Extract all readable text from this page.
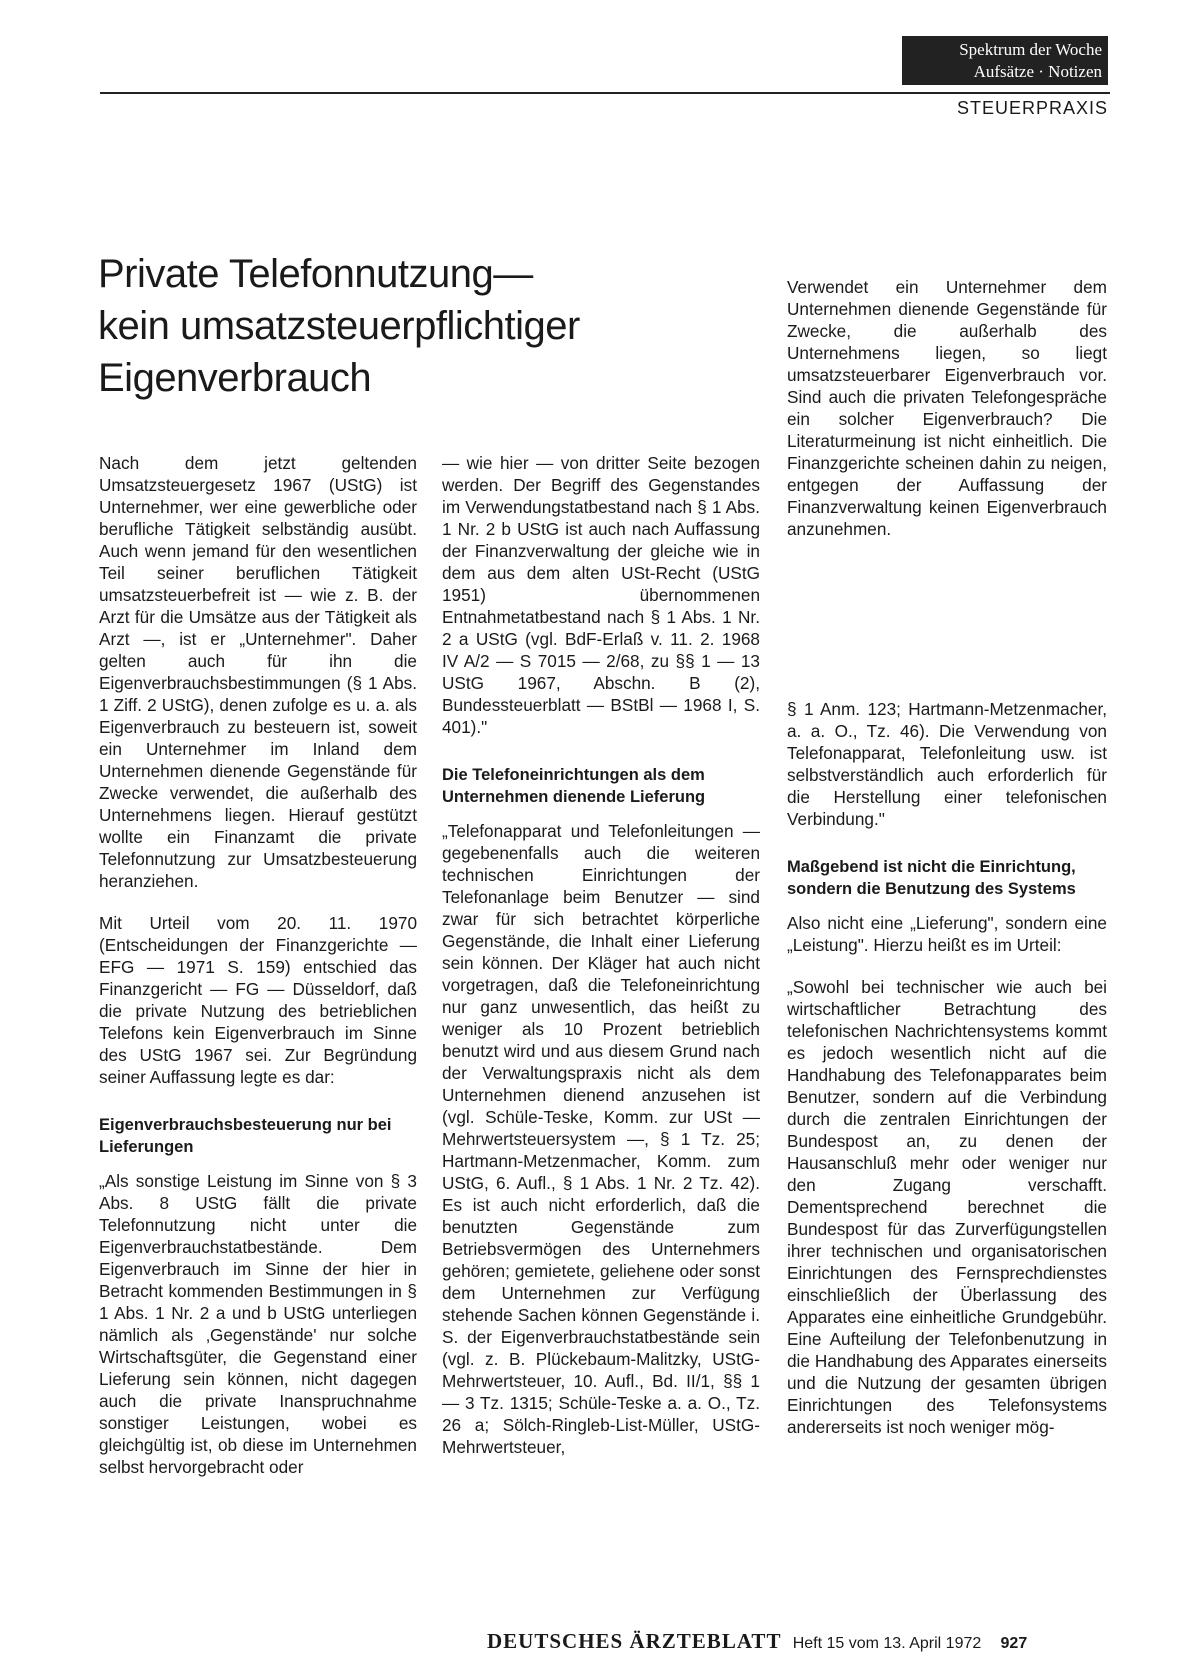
Spektrum der Woche
Aufsätze · Notizen
STEUERPRAXIS
Private Telefonnutzung—
kein umsatzsteuerpflichtiger
Eigenverbrauch

Nach dem jetzt geltenden Umsatzsteuergesetz 1967 (UStG) ist Unternehmer, wer eine gewerbliche oder berufliche Tätigkeit selbständig ausübt. Auch wenn jemand für den wesentlichen Teil seiner beruflichen Tätigkeit umsatzsteuerbefreit ist — wie z. B. der Arzt für die Umsätze aus der Tätigkeit als Arzt —, ist er „Unternehmer". Daher gelten auch für ihn die Eigenverbrauchsbestimmungen (§ 1 Abs. 1 Ziff. 2 UStG), denen zufolge es u. a. als Eigenverbrauch zu besteuern ist, soweit ein Unternehmer im Inland dem Unternehmen dienende Gegenstände für Zwecke verwendet, die außerhalb des Unternehmens liegen. Hierauf gestützt wollte ein Finanzamt die private Telefonnutzung zur Umsatzbesteuerung heranziehen.

Mit Urteil vom 20. 11. 1970 (Entscheidungen der Finanzgerichte — EFG — 1971 S. 159) entschied das Finanzgericht — FG — Düsseldorf, daß die private Nutzung des betrieblichen Telefons kein Eigenverbrauch im Sinne des UStG 1967 sei. Zur Begründung seiner Auffassung legte es dar:

Eigenverbrauchsbesteuerung nur bei Lieferungen

„Als sonstige Leistung im Sinne von § 3 Abs. 8 UStG fällt die private Telefonnutzung nicht unter die Eigenverbrauchstatbestände. Dem Eigenverbrauch im Sinne der hier in Betracht kommenden Bestimmungen in § 1 Abs. 1 Nr. 2 a und b UStG unterliegen nämlich als ‚Gegenstände' nur solche Wirtschaftsgüter, die Gegenstand einer Lieferung sein können, nicht dagegen auch die private Inanspruchnahme sonstiger Leistungen, wobei es gleichgültig ist, ob diese im Unternehmen selbst hervorgebracht oder

— wie hier — von dritter Seite bezogen werden. Der Begriff des Gegenstandes im Verwendungstatbestand nach § 1 Abs. 1 Nr. 2 b UStG ist auch nach Auffassung der Finanzverwaltung der gleiche wie in dem aus dem alten USt-Recht (UStG 1951) übernommenen Entnahmetatbestand nach § 1 Abs. 1 Nr. 2 a UStG (vgl. BdF-Erlaß v. 11. 2. 1968 IV A/2 — S 7015 — 2/68, zu §§ 1 — 13 UStG 1967, Abschn. B (2), Bundessteuerblatt — BStBl — 1968 I, S. 401)."

Die Telefoneinrichtungen als dem Unternehmen dienende Lieferung

„Telefonapparat und Telefonleitungen — gegebenenfalls auch die weiteren technischen Einrichtungen der Telefonanlage beim Benutzer — sind zwar für sich betrachtet körperliche Gegenstände, die Inhalt einer Lieferung sein können. Der Kläger hat auch nicht vorgetragen, daß die Telefoneinrichtung nur ganz unwesentlich, das heißt zu weniger als 10 Prozent betrieblich benutzt wird und aus diesem Grund nach der Verwaltungspraxis nicht als dem Unternehmen dienend anzusehen ist (vgl. Schüle-Teske, Komm. zur USt — Mehrwertsteuersystem —, § 1 Tz. 25; Hartmann-Metzenmacher, Komm. zum UStG, 6. Aufl., § 1 Abs. 1 Nr. 2 Tz. 42). Es ist auch nicht erforderlich, daß die benutzten Gegenstände zum Betriebsvermögen des Unternehmers gehören; gemietete, geliehene oder sonst dem Unternehmen zur Verfügung stehende Sachen können Gegenstände i. S. der Eigenverbrauchstatbestände sein (vgl. z. B. Plückebaum-Malitzky, UStG-Mehrwertsteuer, 10. Aufl., Bd. II/1, §§ 1 — 3 Tz. 1315; Schüle-Teske a. a. O., Tz. 26 a; Sölch-Ringleb-List-Müller, UStG-Mehrwertsteuer,

Verwendet ein Unternehmer dem Unternehmen dienende Gegenstände für Zwecke, die außerhalb des Unternehmens liegen, so liegt umsatzsteuerbarer Eigenverbrauch vor. Sind auch die privaten Telefongespräche ein solcher Eigenverbrauch? Die Literaturmeinung ist nicht einheitlich. Die Finanzgerichte scheinen dahin zu neigen, entgegen der Auffassung der Finanzverwaltung keinen Eigenverbrauch anzunehmen.

§ 1 Anm. 123; Hartmann-Metzenmacher, a. a. O., Tz. 46). Die Verwendung von Telefonapparat, Telefonleitung usw. ist selbstverständlich auch erforderlich für die Herstellung einer telefonischen Verbindung."

Maßgebend ist nicht die Einrichtung, sondern die Benutzung des Systems

Also nicht eine „Lieferung", sondern eine „Leistung". Hierzu heißt es im Urteil:

„Sowohl bei technischer wie auch bei wirtschaftlicher Betrachtung des telefonischen Nachrichtensystems kommt es jedoch wesentlich nicht auf die Handhabung des Telefonapparates beim Benutzer, sondern auf die Verbindung durch die zentralen Einrichtungen der Bundespost an, zu denen der Hausanschluß mehr oder weniger nur den Zugang verschafft. Dementsprechend berechnet die Bundespost für das Zurverfügungstellen ihrer technischen und organisatorischen Einrichtungen des Fernsprechdienstes einschließlich der Überlassung des Apparates eine einheitliche Grundgebühr. Eine Aufteilung der Telefonbenutzung in die Handhabung des Apparates einerseits und die Nutzung der gesamten übrigen Einrichtungen des Telefonsystems andererseits ist noch weniger mög-

DEUTSCHES ÄRZTEBLATT Heft 15 vom 13. April 1972 927
